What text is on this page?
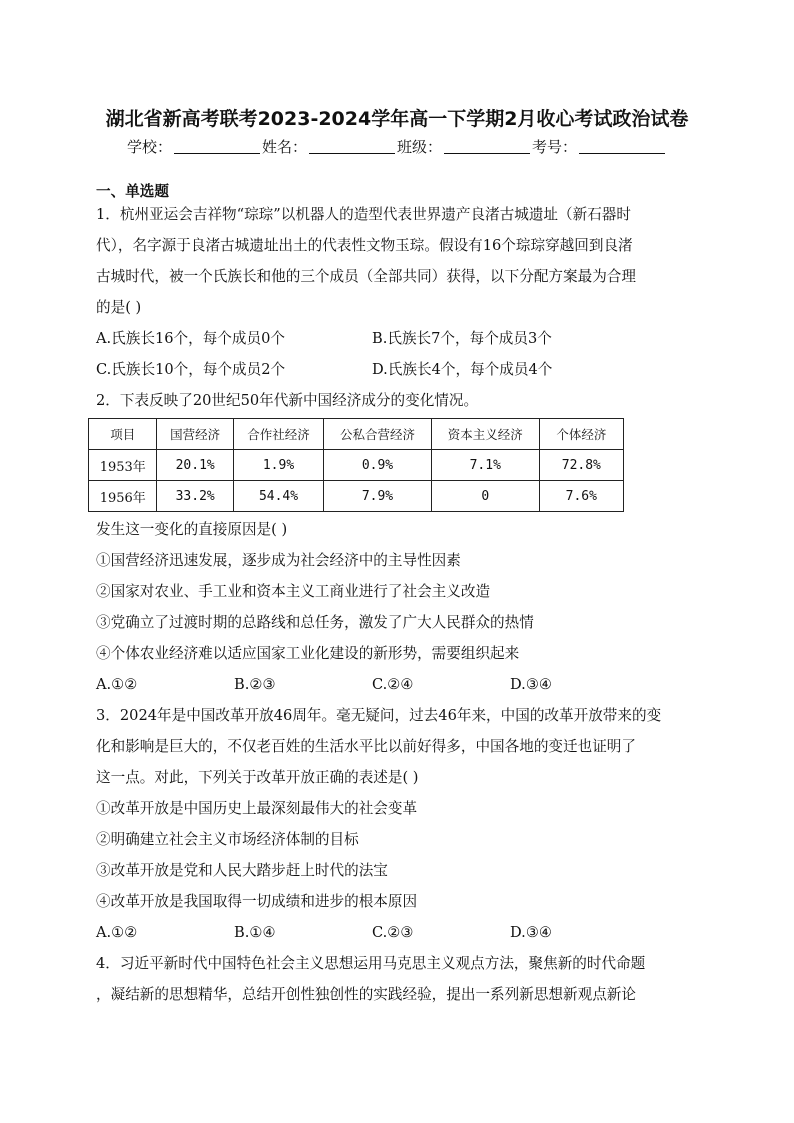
湖北省新高考联考2023-2024学年高一下学期2月收心考试政治试卷
学校：	姓名：	班级：	考号：
一、单选题
1．杭州亚运会吉祥物“琮琮”以机器人的造型代表世界遗产良渚古城遗址（新石器时
代），名字源于良渚古城遗址出土的代表性文物玉琮。假设有16个琮琮穿越回到良渚
古城时代，被一个氏族长和他的三个成员（全部共同）获得，以下分配方案最为合理
的是( )
A.氏族长16个，每个成员0个	B.氏族长7个，每个成员3个
C.氏族长10个，每个成员2个	D.氏族长4个，每个成员4个
2．下表反映了20世纪50年代新中国经济成分的变化情况。
项目	国营经济	合作社经济	公私合营经济	资本主义经济	个体经济
1953年	20.1%	1.9%	0.9%	7.1%	72.8%
1956年	33.2%	54.4%	7.9%	0	7.6%
发生这一变化的直接原因是( )
①国营经济迅速发展，逐步成为社会经济中的主导性因素
②国家对农业、手工业和资本主义工商业进行了社会主义改造
③党确立了过渡时期的总路线和总任务，激发了广大人民群众的热情
④个体农业经济难以适应国家工业化建设的新形势，需要组织起来
A.①②	B.②③	C.②④	D.③④
3．2024年是中国改革开放46周年。毫无疑问，过去46年来，中国的改革开放带来的变
化和影响是巨大的，不仅老百姓的生活水平比以前好得多，中国各地的变迁也证明了
这一点。对此，下列关于改革开放正确的表述是( )
①改革开放是中国历史上最深刻最伟大的社会变革
②明确建立社会主义市场经济体制的目标
③改革开放是党和人民大踏步赶上时代的法宝
④改革开放是我国取得一切成绩和进步的根本原因
A.①②	B.①④	C.②③	D.③④
4．习近平新时代中国特色社会主义思想运用马克思主义观点方法，聚焦新的时代命题
，凝结新的思想精华，总结开创性独创性的实践经验，提出一系列新思想新观点新论
